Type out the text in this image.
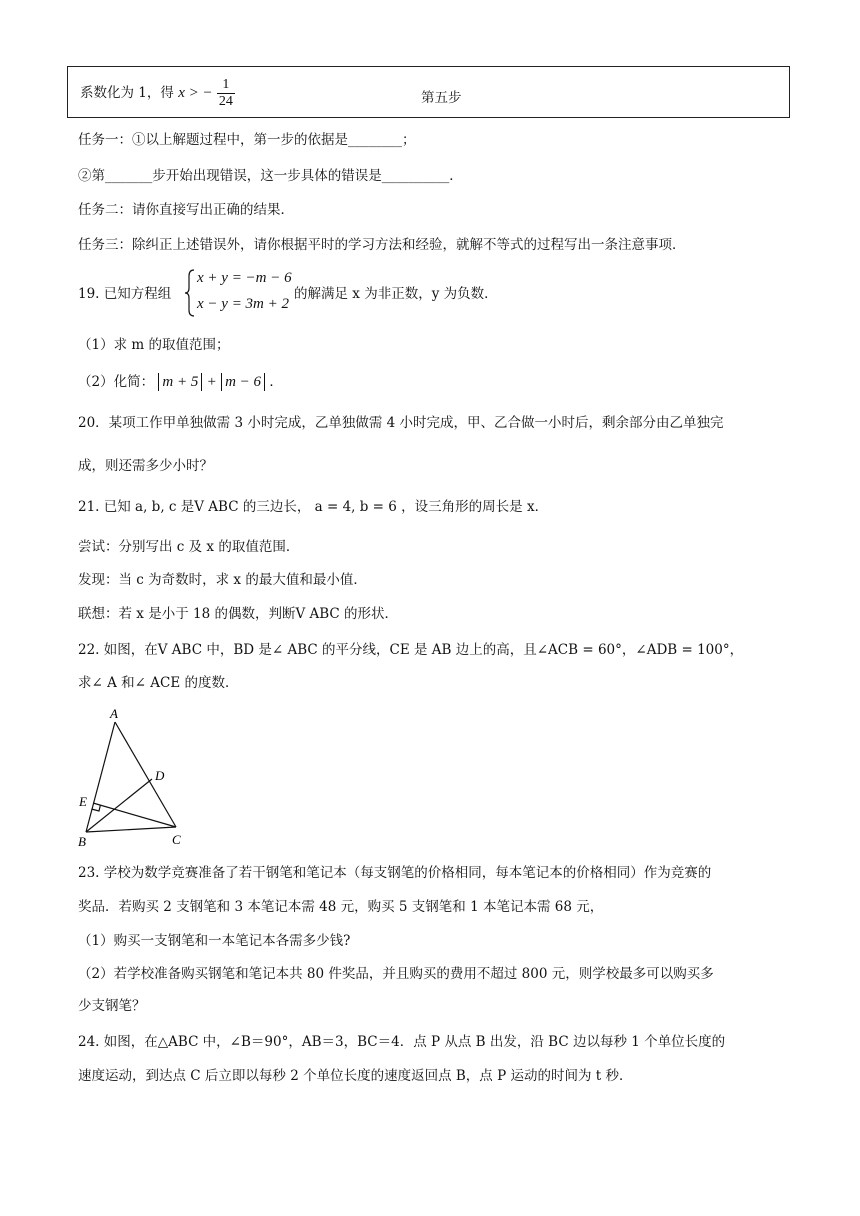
系数化为 1，得 x > − $\frac{1}{24}$	第五步
任务一：①以上解题过程中，第一步的依据是________；
②第_______步开始出现错误，这一步具体的错误是__________．
任务二：请你直接写出正确的结果．
任务三：除纠正上述错误外，请你根据平时的学习方法和经验，就解不等式的过程写出一条注意事项．
19. 已知方程组
x + y = −m − 6
x − y = 3m + 2
的解满足 x 为非正数，y 为负数．
（1）求 m 的取值范围；
（2）化简： m + 5 + m − 6 ．
20．某项工作甲单独做需 3 小时完成，乙单独做需 4 小时完成，甲、乙合做一小时后，剩余部分由乙单独完
成，则还需多少小时？
21. 已知 a, b, c 是V ABC 的三边长， a = 4, b = 6 ，设三角形的周长是 x．
尝试：分别写出 c 及 x 的取值范围．
发现：当 c 为奇数时，求 x 的最大值和最小值．
联想：若 x 是小于 18 的偶数，判断V ABC 的形状．
22. 如图，在V ABC 中，BD 是∠ ABC 的平分线，CE 是 AB 边上的高，且∠ACB = 60°，∠ADB = 100°，
求∠ A 和∠ ACE 的度数．
A
B	C
D
E
23. 学校为数学竞赛准备了若干钢笔和笔记本（每支钢笔的价格相同，每本笔记本的价格相同）作为竞赛的
奖品．若购买 2 支钢笔和 3 本笔记本需 48 元，购买 5 支钢笔和 1 本笔记本需 68 元，
（1）购买一支钢笔和一本笔记本各需多少钱?
（2）若学校准备购买钢笔和笔记本共 80 件奖品，并且购买的费用不超过 800 元，则学校最多可以购买多
少支钢笔？
24. 如图，在△ABC 中，∠B＝90°，AB＝3，BC＝4．点 P 从点 B 出发，沿 BC 边以每秒 1 个单位长度的
速度运动，到达点 C 后立即以每秒 2 个单位长度的速度返回点 B，点 P 运动的时间为 t 秒．
